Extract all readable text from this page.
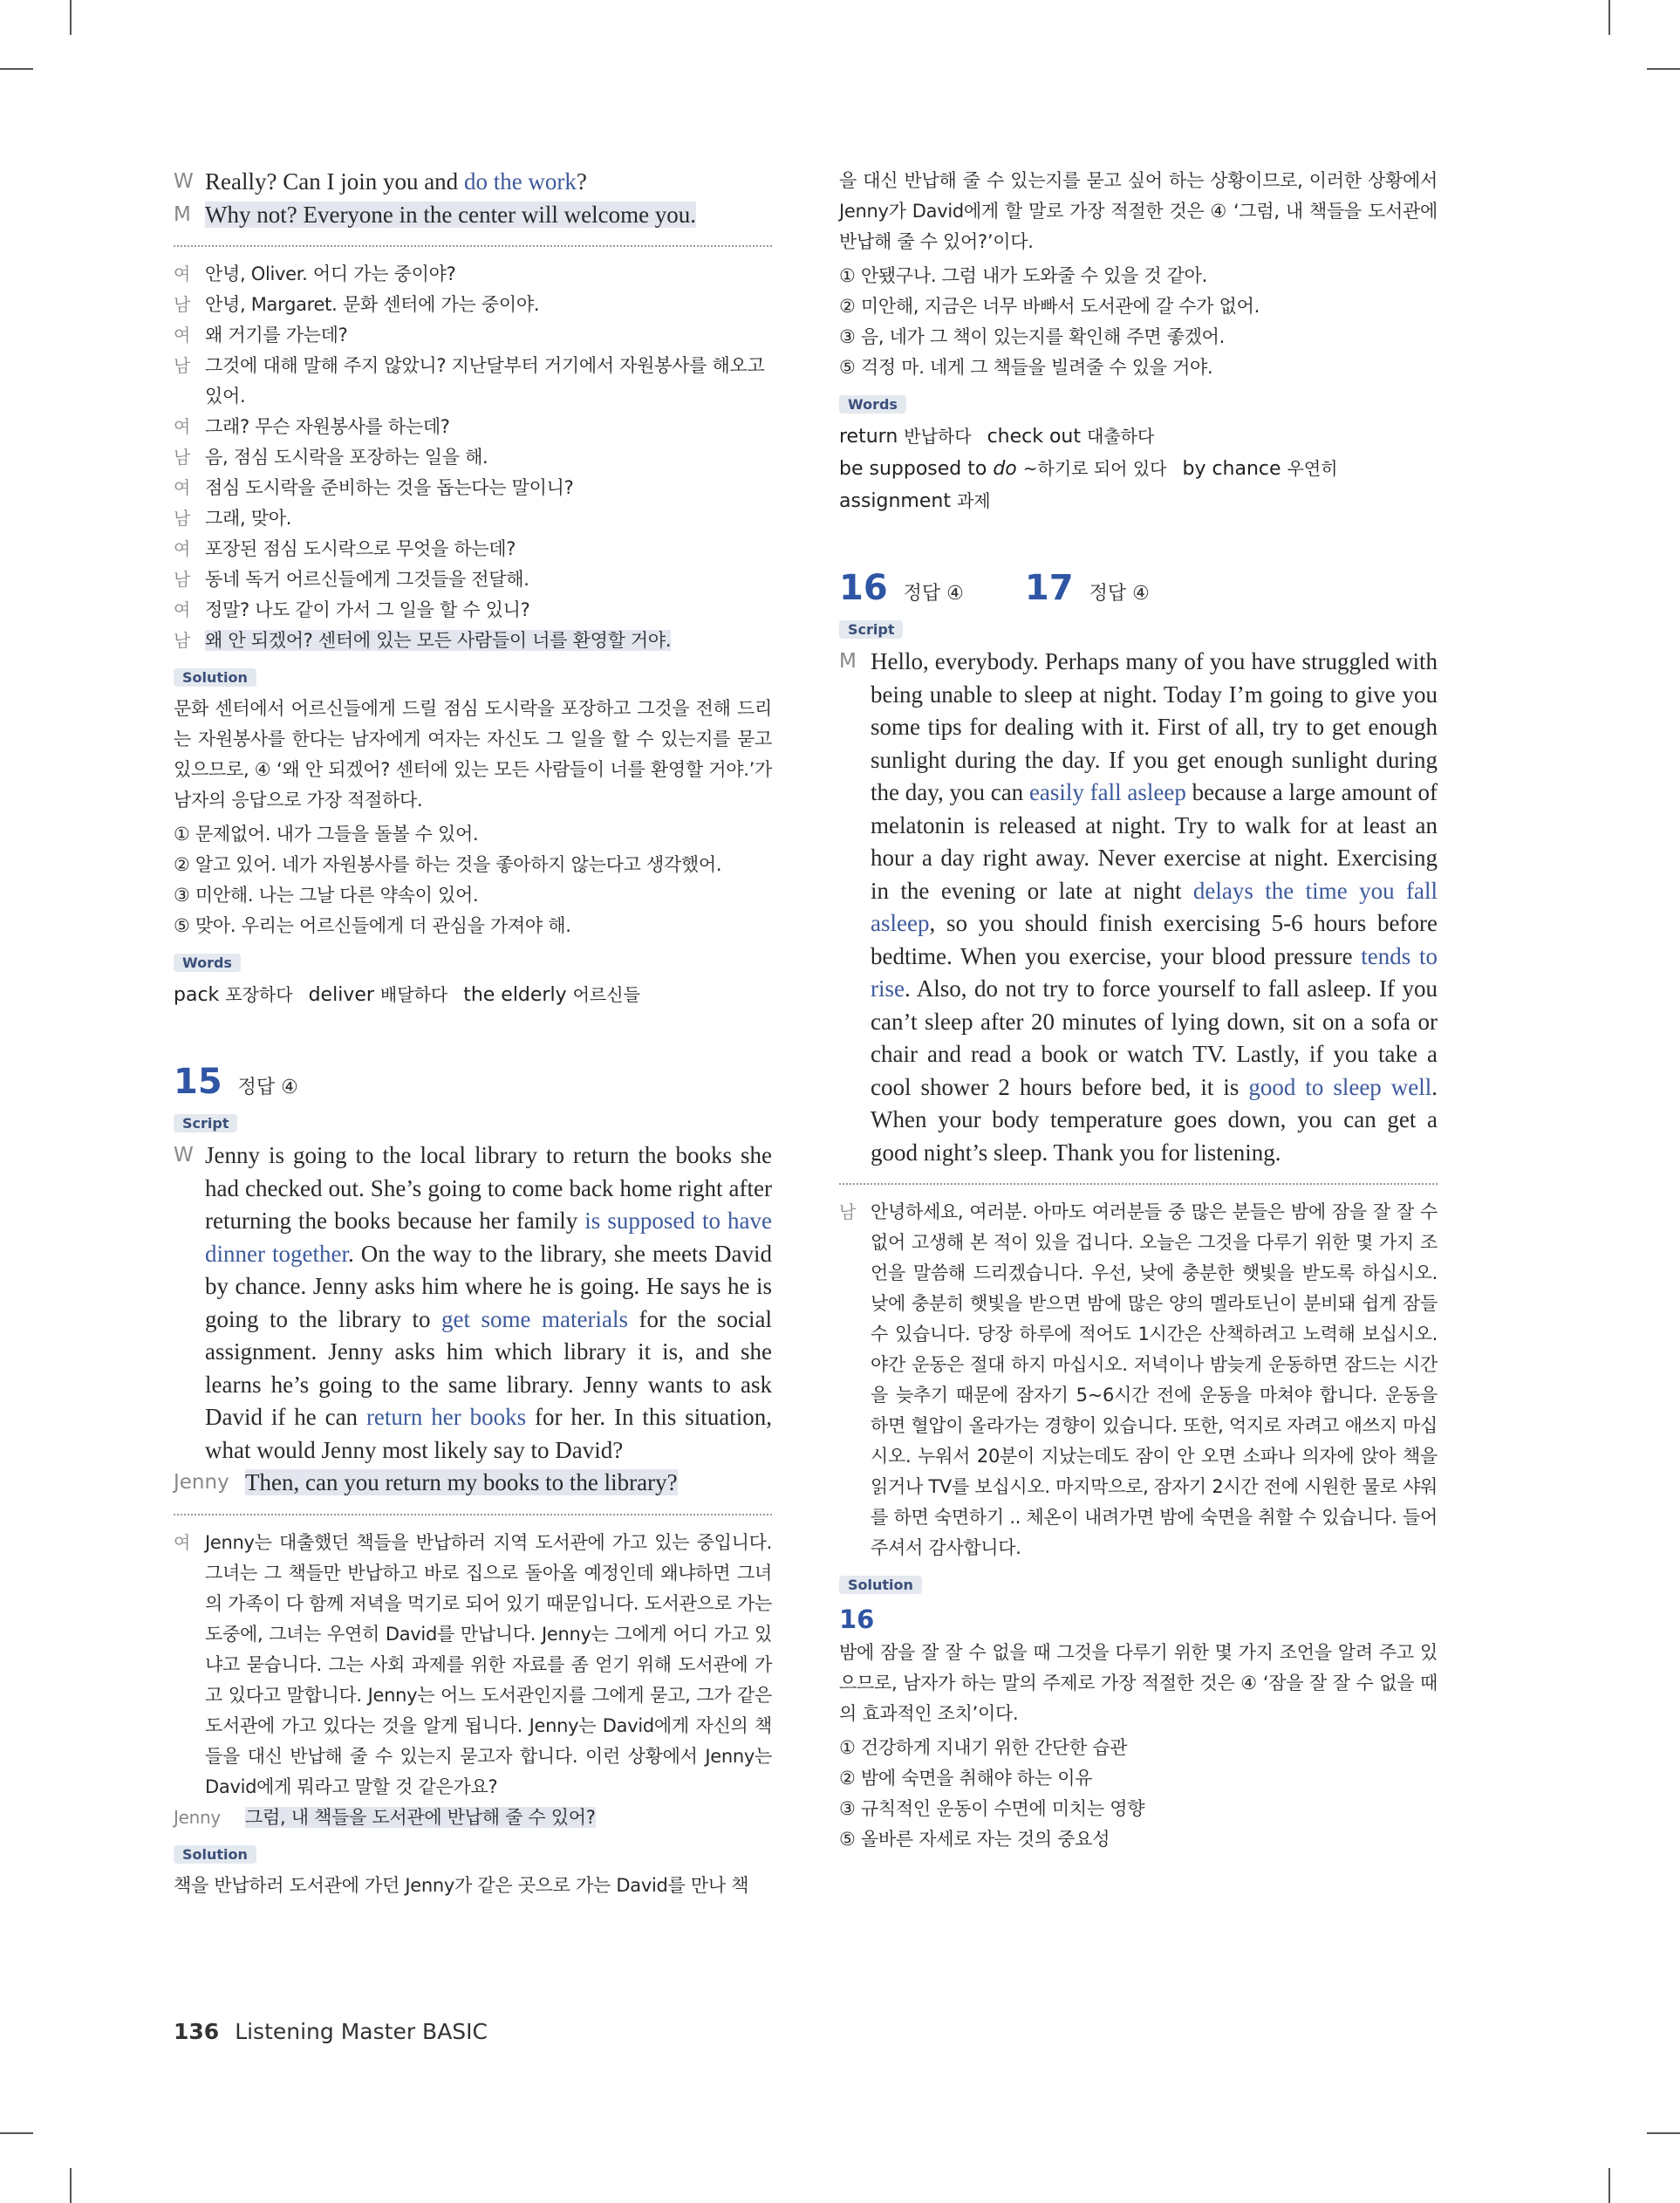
W Really? Can I join you and do the work?
M Why not? Everyone in the center will welcome you.
여 안녕, Oliver. 어디 가는 중이야?
남 안녕, Margaret. 문화 센터에 가는 중이야.
여 왜 거기를 가는데?
남 그것에 대해 말해 주지 않았니? 지난달부터 거기에서 자원봉사를 해오고 있어.
여 그래? 무슨 자원봉사를 하는데?
남 음, 점심 도시락을 포장하는 일을 해.
여 점심 도시락을 준비하는 것을 돕는다는 말이니?
남 그래, 맞아.
여 포장된 점심 도시락으로 무엇을 하는데?
남 동네 독거 어르신들에게 그것들을 전달해.
여 정말? 나도 같이 가서 그 일을 할 수 있니?
남 왜 안 되겠어? 센터에 있는 모든 사람들이 너를 환영할 거야.
Solution
문화 센터에서 어르신들에게 드릴 점심 도시락을 포장하고 그것을 전해 드리는 자원봉사를 한다는 남자에게 여자는 자신도 그 일을 할 수 있는지를 묻고 있으므로, ④ ‘왜 안 되겠어? 센터에 있는 모든 사람들이 너를 환영할 거야.’가 남자의 응답으로 가장 적절하다.
① 문제없어. 내가 그들을 돌볼 수 있어.
② 알고 있어. 네가 자원봉사를 하는 것을 좋아하지 않는다고 생각했어.
③ 미안해. 나는 그날 다른 약속이 있어.
⑤ 맞아. 우리는 어르신들에게 더 관심을 가져야 해.
Words
pack 포장하다 deliver 배달하다 the elderly 어르신들
15 정답 ④
Script
W Jenny is going to the local library to return the books she had checked out. She’s going to come back home right after returning the books because her family is supposed to have dinner together. On the way to the library, she meets David by chance. Jenny asks him where he is going. He says he is going to the library to get some materials for the social assignment. Jenny asks him which library it is, and she learns he’s going to the same library. Jenny wants to ask David if he can return her books for her. In this situation, what would Jenny most likely say to David?
Jenny Then, can you return my books to the library?
여 Jenny는 대출했던 책들을 반납하러 지역 도서관에 가고 있는 중입니다. 그녀는 그 책들만 반납하고 바로 집으로 돌아올 예정인데 왜냐하면 그녀의 가족이 다 함께 저녁을 먹기로 되어 있기 때문입니다. 도서관으로 가는 도중에, 그녀는 우연히 David를 만납니다. Jenny는 그에게 어디 가고 있냐고 묻습니다. 그는 사회 과제를 위한 자료를 좀 얻기 위해 도서관에 가고 있다고 말합니다. Jenny는 어느 도서관인지를 그에게 묻고, 그가 같은 도서관에 가고 있다는 것을 알게 됩니다. Jenny는 David에게 자신의 책들을 대신 반납해 줄 수 있는지 묻고자 합니다. 이런 상황에서 Jenny는 David에게 뭐라고 말할 것 같은가요?
Jenny	그럼, 내 책들을 도서관에 반납해 줄 수 있어?
Solution
책을 반납하러 도서관에 가던 Jenny가 같은 곳으로 가는 David를 만나 책
을 대신 반납해 줄 수 있는지를 묻고 싶어 하는 상황이므로, 이러한 상황에서 Jenny가 David에게 할 말로 가장 적절한 것은 ④ ‘그럼, 내 책들을 도서관에 반납해 줄 수 있어?’이다.
① 안됐구나. 그럼 내가 도와줄 수 있을 것 같아.
② 미안해, 지금은 너무 바빠서 도서관에 갈 수가 없어.
③ 음, 네가 그 책이 있는지를 확인해 주면 좋겠어.
⑤ 걱정 마. 네게 그 책들을 빌려줄 수 있을 거야.
Words
return 반납하다 check out 대출하다
be supposed to do ~하기로 되어 있다 by chance 우연히
assignment 과제
16 정답 ④ 17 정답 ④
Script
M Hello, everybody. Perhaps many of you have struggled with being unable to sleep at night. Today I’m going to give you some tips for dealing with it. First of all, try to get enough sunlight during the day. If you get enough sunlight during the day, you can easily fall asleep because a large amount of melatonin is released at night. Try to walk for at least an hour a day right away. Never exercise at night. Exercising in the evening or late at night delays the time you fall asleep, so you should finish exercising 5-6 hours before bedtime. When you exercise, your blood pressure tends to rise. Also, do not try to force yourself to fall asleep. If you can’t sleep after 20 minutes of lying down, sit on a sofa or chair and read a book or watch TV. Lastly, if you take a cool shower 2 hours before bed, it is good to sleep well. When your body temperature goes down, you can get a good night’s sleep. Thank you for listening.
남 안녕하세요, 여러분. 아마도 여러분들 중 많은 분들은 밤에 잠을 잘 잘 수 없어 고생해 본 적이 있을 겁니다. 오늘은 그것을 다루기 위한 몇 가지 조언을 말씀해 드리겠습니다. 우선, 낮에 충분한 햇빛을 받도록 하십시오. 낮에 충분히 햇빛을 받으면 밤에 많은 양의 멜라토닌이 분비돼 쉽게 잠들 수 있습니다. 당장 하루에 적어도 1시간은 산책하려고 노력해 보십시오. 야간 운동은 절대 하지 마십시오. 저녁이나 밤늦게 운동하면 잠드는 시간을 늦추기 때문에 잠자기 5~6시간 전에 운동을 마쳐야 합니다. 운동을 하면 혈압이 올라가는 경향이 있습니다. 또한, 억지로 자려고 애쓰지 마십시오. 누워서 20분이 지났는데도 잠이 안 오면 소파나 의자에 앉아 책을 읽거나 TV를 보십시오. 마지막으로, 잠자기 2시간 전에 시원한 물로 샤워를 하면 숙면하기 .. 체온이 내려가면 밤에 숙면을 취할 수 있습니다. 들어 주셔서 감사합니다.
Solution
16
밤에 잠을 잘 잘 수 없을 때 그것을 다루기 위한 몇 가지 조언을 알려 주고 있으므로, 남자가 하는 말의 주제로 가장 적절한 것은 ④ ‘잠을 잘 잘 수 없을 때의 효과적인 조치’이다.
① 건강하게 지내기 위한 간단한 습관
② 밤에 숙면을 취해야 하는 이유
③ 규칙적인 운동이 수면에 미치는 영향
⑤ 올바른 자세로 자는 것의 중요성
136 Listening Master BASIC
